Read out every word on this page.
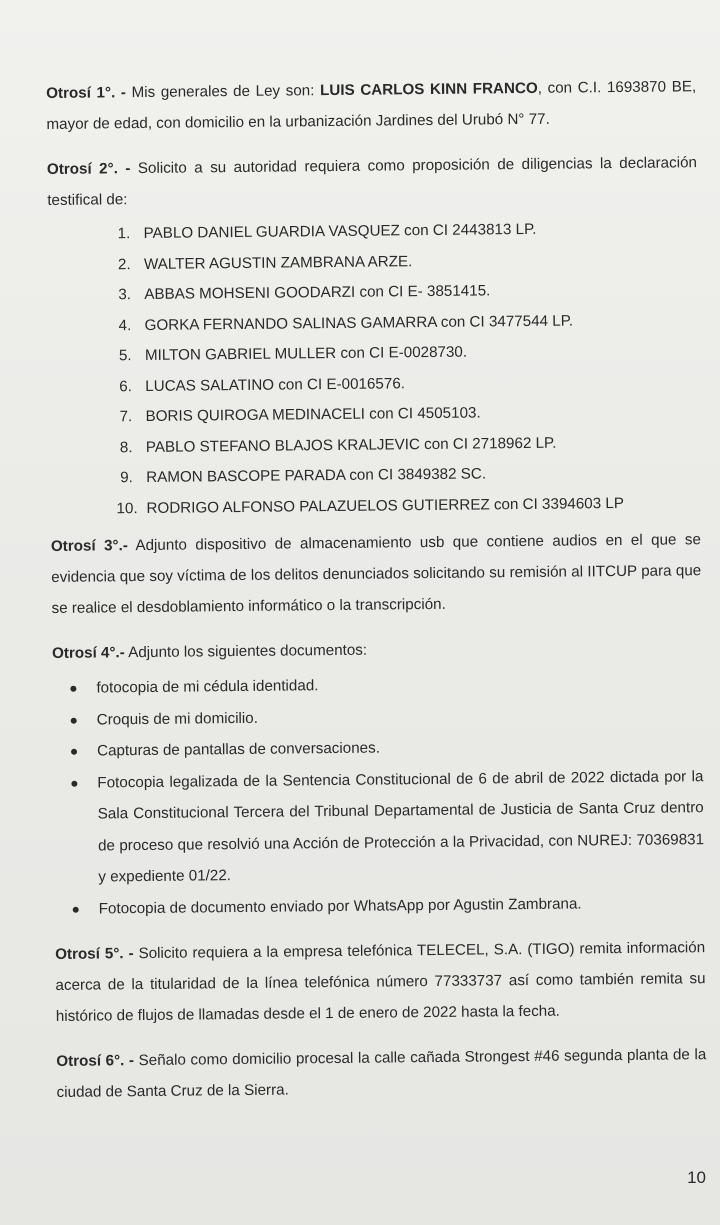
Otrosí 1°. - Mis generales de Ley son: LUIS CARLOS KINN FRANCO, con C.I. 1693870 BE, mayor de edad, con domicilio en la urbanización Jardines del Urubó N° 77.

Otrosí 2°. - Solicito a su autoridad requiera como proposición de diligencias la declaración testifical de:

1. PABLO DANIEL GUARDIA VASQUEZ con CI 2443813 LP.
2. WALTER AGUSTIN ZAMBRANA ARZE.
3. ABBAS MOHSENI GOODARZI con CI E- 3851415.
4. GORKA FERNANDO SALINAS GAMARRA con CI 3477544 LP.
5. MILTON GABRIEL MULLER con CI E-0028730.
6. LUCAS SALATINO con CI E-0016576.
7. BORIS QUIROGA MEDINACELI con CI 4505103.
8. PABLO STEFANO BLAJOS KRALJEVIC con CI 2718962 LP.
9. RAMON BASCOPE PARADA con CI 3849382 SC.
10. RODRIGO ALFONSO PALAZUELOS GUTIERREZ con CI 3394603 LP

Otrosí 3°.- Adjunto dispositivo de almacenamiento usb que contiene audios en el que se evidencia que soy víctima de los delitos denunciados solicitando su remisión al IITCUP para que se realice el desdoblamiento informático o la transcripción.

Otrosí 4°.- Adjunto los siguientes documentos:

fotocopia de mi cédula identidad.
Croquis de mi domicilio.
Capturas de pantallas de conversaciones.
Fotocopia legalizada de la Sentencia Constitucional de 6 de abril de 2022 dictada por la Sala Constitucional Tercera del Tribunal Departamental de Justicia de Santa Cruz dentro de proceso que resolvió una Acción de Protección a la Privacidad, con NUREJ: 70369831 y expediente 01/22.
Fotocopia de documento enviado por WhatsApp por Agustin Zambrana.

Otrosí 5°. - Solicito requiera a la empresa telefónica TELECEL, S.A. (TIGO) remita información acerca de la titularidad de la línea telefónica número 77333737 así como también remita su histórico de flujos de llamadas desde el 1 de enero de 2022 hasta la fecha.

Otrosí 6°. - Señalo como domicilio procesal la calle cañada Strongest #46 segunda planta de la ciudad de Santa Cruz de la Sierra.

10
